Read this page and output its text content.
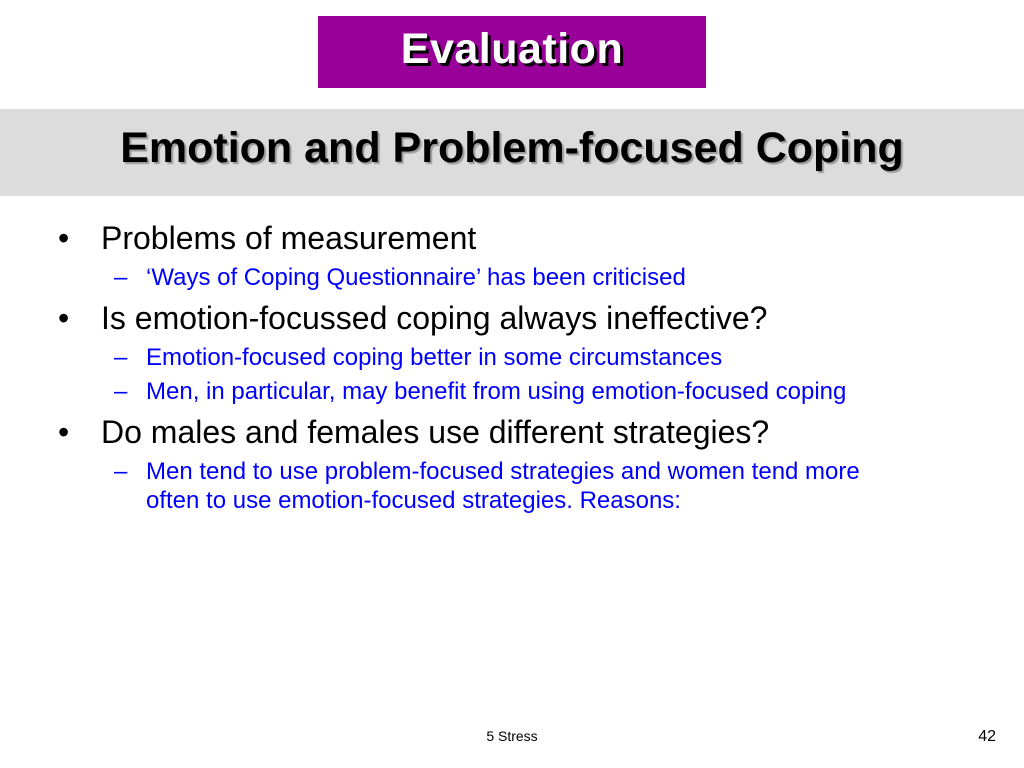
Evaluation
Emotion and Problem-focused Coping
• Problems of measurement
– ‘Ways of Coping Questionnaire’ has been criticised
• Is emotion-focussed coping always ineffective?
– Emotion-focused coping better in some circumstances
– Men, in particular, may benefit from using emotion-focused coping
• Do males and females use different strategies?
– Men tend to use problem-focused strategies and women tend more often to use emotion-focused strategies. Reasons:
5 Stress	42
